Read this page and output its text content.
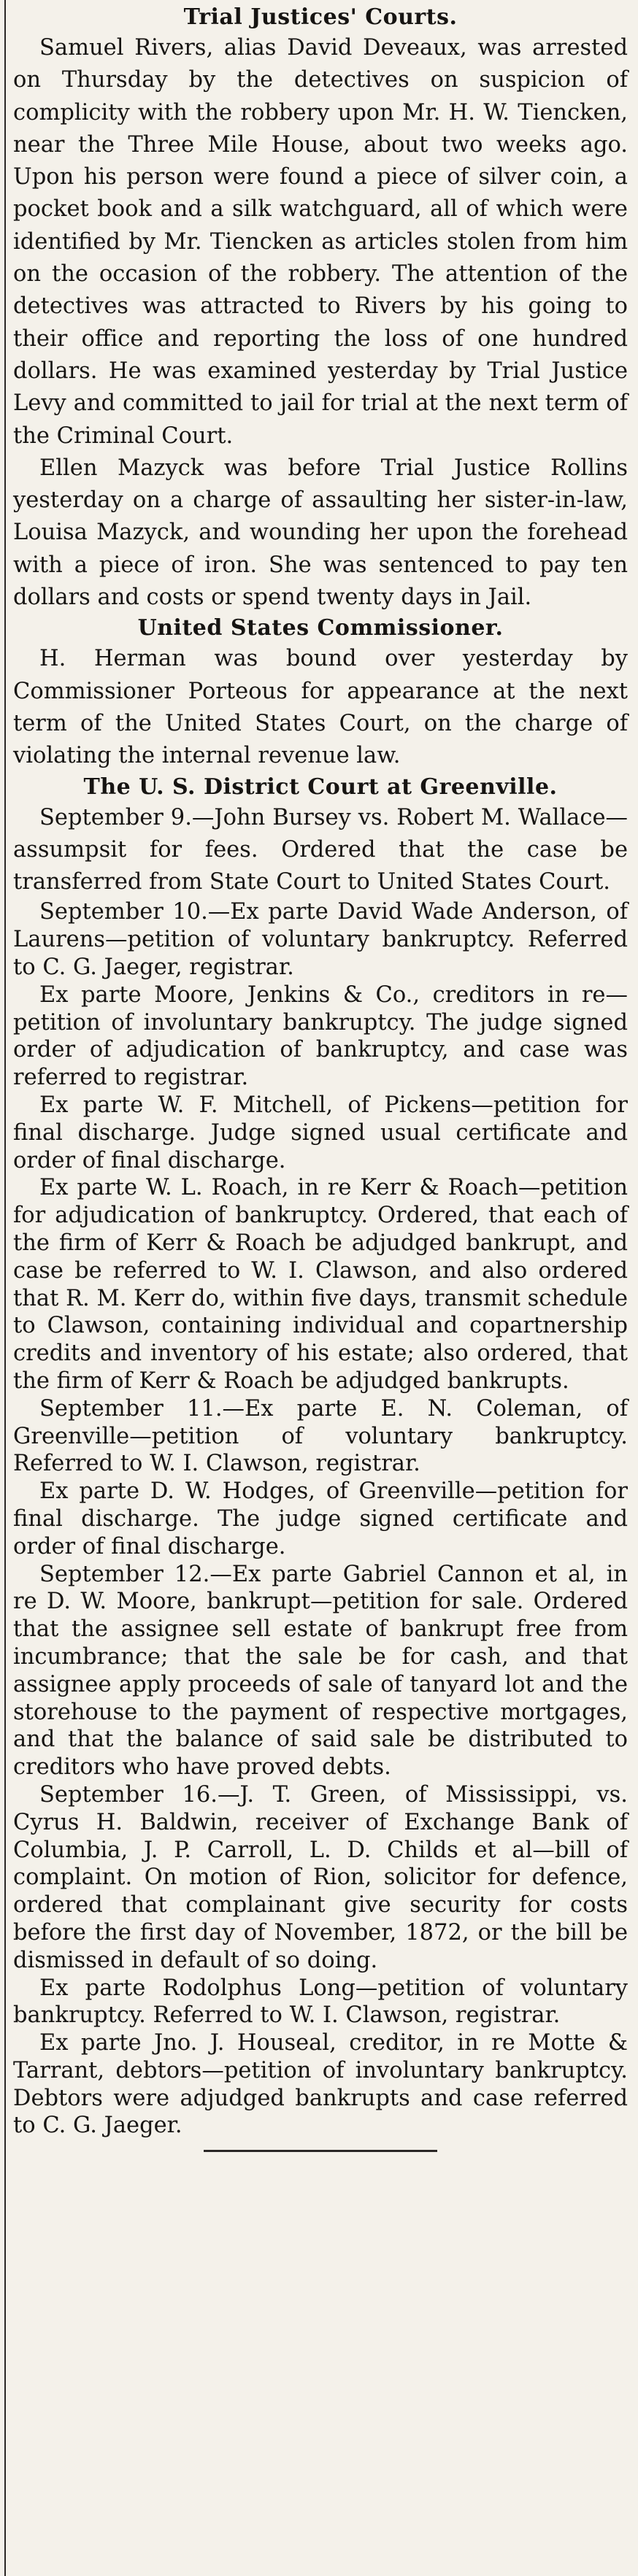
Trial Justices' Courts.

Samuel Rivers, alias David Deveaux, was arrested on Thursday by the detectives on suspicion of complicity with the robbery upon Mr. H. W. Tiencken, near the Three Mile House, about two weeks ago. Upon his person were found a piece of silver coin, a pocket book and a silk watchguard, all of which were identified by Mr. Tiencken as articles stolen from him on the occasion of the robbery. The attention of the detectives was attracted to Rivers by his going to their office and reporting the loss of one hundred dollars. He was examined yesterday by Trial Justice Levy and committed to jail for trial at the next term of the Criminal Court.

Ellen Mazyck was before Trial Justice Rollins yesterday on a charge of assaulting her sister-in-law, Louisa Mazyck, and wounding her upon the forehead with a piece of iron. She was sentenced to pay ten dollars and costs or spend twenty days in Jail.

United States Commissioner.

H. Herman was bound over yesterday by Commissioner Porteous for appearance at the next term of the United States Court, on the charge of violating the internal revenue law.

The U. S. District Court at Greenville.

September 9.—John Bursey vs. Robert M. Wallace—assumpsit for fees. Ordered that the case be transferred from State Court to United States Court.

September 10.—Ex parte David Wade Anderson, of Laurens—petition of voluntary bankruptcy. Referred to C. G. Jaeger, registrar.

Ex parte Moore, Jenkins & Co., creditors in re—petition of involuntary bankruptcy. The judge signed order of adjudication of bankruptcy, and case was referred to registrar.

Ex parte W. F. Mitchell, of Pickens—petition for final discharge. Judge signed usual certificate and order of final discharge.

Ex parte W. L. Roach, in re Kerr & Roach—petition for adjudication of bankruptcy. Ordered, that each of the firm of Kerr & Roach be adjudged bankrupt, and case be referred to W. I. Clawson, and also ordered that R. M. Kerr do, within five days, transmit schedule to Clawson, containing individual and copartnership credits and inventory of his estate; also ordered, that the firm of Kerr & Roach be adjudged bankrupts.

September 11.—Ex parte E. N. Coleman, of Greenville—petition of voluntary bankruptcy. Referred to W. I. Clawson, registrar.

Ex parte D. W. Hodges, of Greenville—petition for final discharge. The judge signed certificate and order of final discharge.

September 12.—Ex parte Gabriel Cannon et al, in re D. W. Moore, bankrupt—petition for sale. Ordered that the assignee sell estate of bankrupt free from incumbrance; that the sale be for cash, and that assignee apply proceeds of sale of tanyard lot and the storehouse to the payment of respective mortgages, and that the balance of said sale be distributed to creditors who have proved debts.

September 16.—J. T. Green, of Mississippi, vs. Cyrus H. Baldwin, receiver of Exchange Bank of Columbia, J. P. Carroll, L. D. Childs et al—bill of complaint. On motion of Rion, solicitor for defence, ordered that complainant give security for costs before the first day of November, 1872, or the bill be dismissed in default of so doing.

Ex parte Rodolphus Long—petition of voluntary bankruptcy. Referred to W. I. Clawson, registrar.

Ex parte Jno. J. Houseal, creditor, in re Motte & Tarrant, debtors—petition of involuntary bankruptcy. Debtors were adjudged bankrupts and case referred to C. G. Jaeger.
